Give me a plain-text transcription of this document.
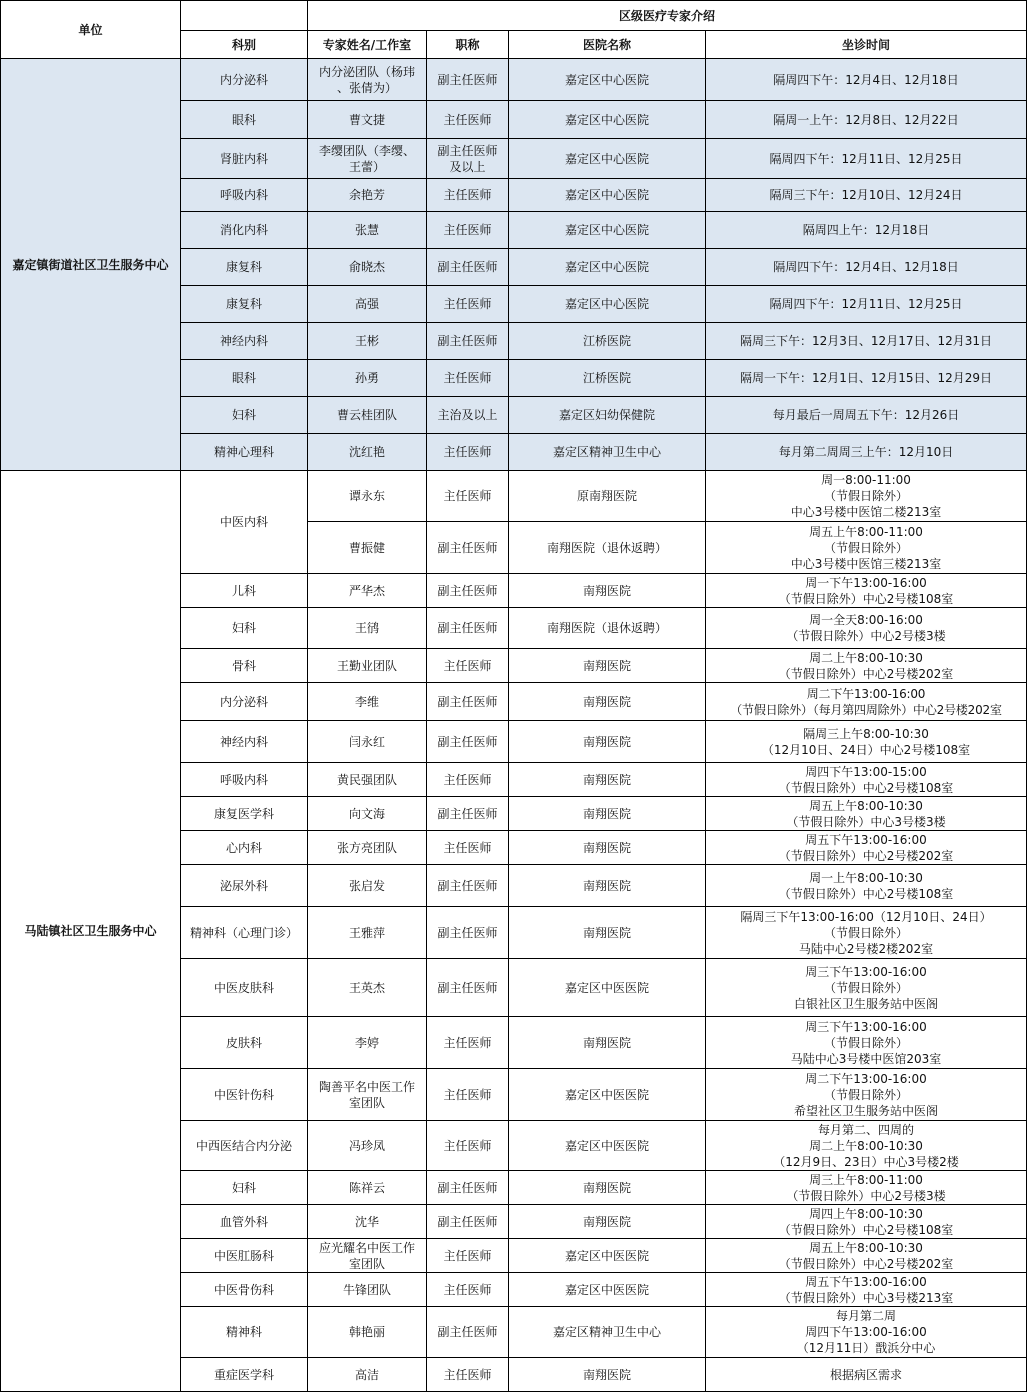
单位		区级医疗专家介绍			
	科别	专家姓名/工作室	职称	医院名称	坐诊时间
嘉定镇街道社区卫生服务中心	内分泌科	内分泌团队（杨玮
、张倩为）	副主任医师	嘉定区中心医院	隔周四下午：12月4日、12月18日
	眼科	曹文捷	主任医师	嘉定区中心医院	隔周一上午：12月8日、12月22日
	肾脏内科	李缨团队（李缨、
王蕾）	副主任医师
及以上	嘉定区中心医院	隔周四下午：12月11日、12月25日
	呼吸内科	余艳芳	主任医师	嘉定区中心医院	隔周三下午：12月10日、12月24日
	消化内科	张慧	主任医师	嘉定区中心医院	隔周四上午：12月18日
	康复科	俞晓杰	副主任医师	嘉定区中心医院	隔周四下午：12月4日、12月18日
	康复科	高强	主任医师	嘉定区中心医院	隔周四下午：12月11日、12月25日
	神经内科	王彬	副主任医师	江桥医院	隔周三下午：12月3日、12月17日、12月31日
	眼科	孙勇	主任医师	江桥医院	隔周一下午：12月1日、12月15日、12月29日
	妇科	曹云桂团队	主治及以上	嘉定区妇幼保健院	每月最后一周周五下午：12月26日
	精神心理科	沈红艳	主任医师	嘉定区精神卫生中心	每月第二周周三上午：12月10日
马陆镇社区卫生服务中心	中医内科	谭永东	主任医师	原南翔医院	周一8:00-11:00
（节假日除外）
中心3号楼中医馆二楼213室
		曹振健	副主任医师	南翔医院（退休返聘）	周五上午8:00-11:00
（节假日除外）
中心3号楼中医馆三楼213室
	儿科	严华杰	副主任医师	南翔医院	周一下午13:00-16:00
（节假日除外）中心2号楼108室
	妇科	王鸻	副主任医师	南翔医院（退休返聘）	周一全天8:00-16:00
（节假日除外）中心2号楼3楼
	骨科	王勤业团队	主任医师	南翔医院	周二上午8:00-10:30
（节假日除外）中心2号楼202室
	内分泌科	李维	副主任医师	南翔医院	周二下午13:00-16:00
（节假日除外）（每月第四周除外）中心2号楼202室
	神经内科	闫永红	副主任医师	南翔医院	隔周三上午8:00-10:30
（12月10日、24日）中心2号楼108室
	呼吸内科	黄民强团队	主任医师	南翔医院	周四下午13:00-15:00
（节假日除外）中心2号楼108室
	康复医学科	向文海	副主任医师	南翔医院	周五上午8:00-10:30
（节假日除外）中心3号楼3楼
	心内科	张方亮团队	主任医师	南翔医院	周五下午13:00-16:00
（节假日除外）中心2号楼202室
	泌尿外科	张启发	副主任医师	南翔医院	周一上午8:00-10:30
（节假日除外）中心2号楼108室
	精神科（心理门诊）	王雅萍	副主任医师	南翔医院	隔周三下午13:00-16:00（12月10日、24日）
（节假日除外）
马陆中心2号楼2楼202室
	中医皮肤科	王英杰	副主任医师	嘉定区中医医院	周三下午13:00-16:00
（节假日除外）
白银社区卫生服务站中医阁
	皮肤科	李婷	主任医师	南翔医院	周三下午13:00-16:00
（节假日除外）
马陆中心3号楼中医馆203室
	中医针伤科	陶善平名中医工作
室团队	主任医师	嘉定区中医医院	周二下午13:00-16:00
（节假日除外）
希望社区卫生服务站中医阁
	中西医结合内分泌	冯珍凤	主任医师	嘉定区中医医院	每月第二、四周的
周二上午8:00-10:30
（12月9日、23日）中心3号楼2楼
	妇科	陈祥云	副主任医师	南翔医院	周三上午8:00-11:00
（节假日除外）中心2号楼3楼
	血管外科	沈华	副主任医师	南翔医院	周四上午8:00-10:30
（节假日除外）中心2号楼108室
	中医肛肠科	应光耀名中医工作
室团队	主任医师	嘉定区中医医院	周五上午8:00-10:30
（节假日除外）中心2号楼202室
	中医骨伤科	牛锋团队	主任医师	嘉定区中医医院	周五下午13:00-16:00
（节假日除外）中心3号楼213室
	精神科	韩艳丽	副主任医师	嘉定区精神卫生中心	每月第二周
周四下午13:00-16:00
（12月11日）戬浜分中心
	重症医学科	高洁	主任医师	南翔医院	根据病区需求
